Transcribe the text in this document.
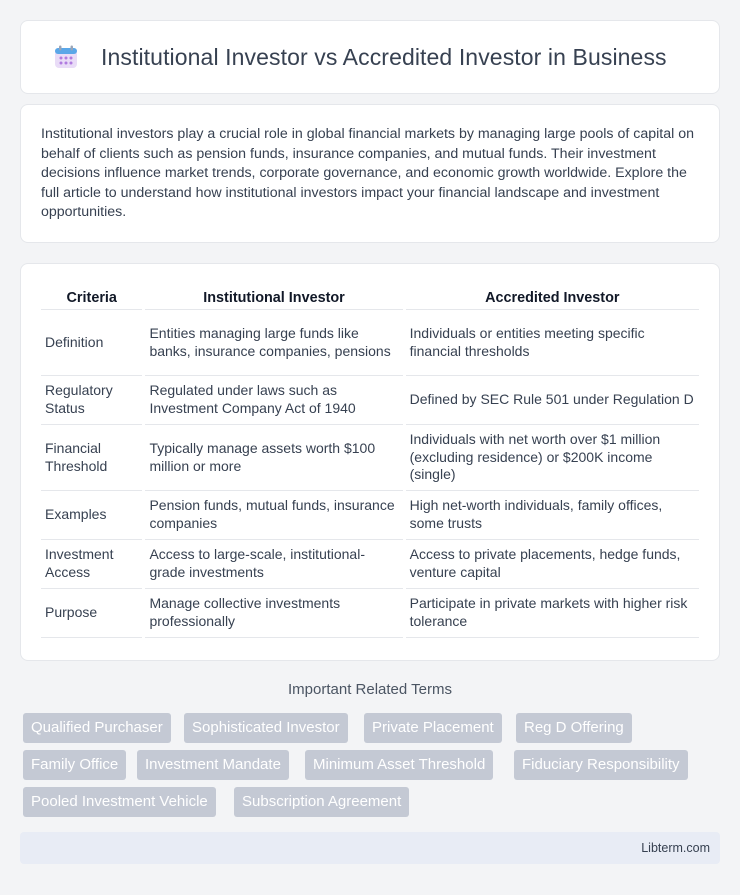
Institutional Investor vs Accredited Investor in Business

Institutional investors play a crucial role in global financial markets by managing large pools of capital on behalf of clients such as pension funds, insurance companies, and mutual funds. Their investment decisions influence market trends, corporate governance, and economic growth worldwide. Explore the full article to understand how institutional investors impact your financial landscape and investment opportunities.

Criteria	Institutional Investor	Accredited Investor
Definition	Entities managing large funds like banks, insurance companies, pensions	Individuals or entities meeting specific financial thresholds
Regulatory Status	Regulated under laws such as Investment Company Act of 1940	Defined by SEC Rule 501 under Regulation D
Financial Threshold	Typically manage assets worth $100 million or more	Individuals with net worth over $1 million (excluding residence) or $200K income (single)
Examples	Pension funds, mutual funds, insurance companies	High net-worth individuals, family offices, some trusts
Investment Access	Access to large-scale, institutional-grade investments	Access to private placements, hedge funds, venture capital
Purpose	Manage collective investments professionally	Participate in private markets with higher risk tolerance
Important Related Terms
Qualified Purchaser	Sophisticated Investor	Private Placement	Reg D Offering
Family Office	Investment Mandate	Minimum Asset Threshold	Fiduciary Responsibility
Pooled Investment Vehicle	Subscription Agreement
Libterm.com
